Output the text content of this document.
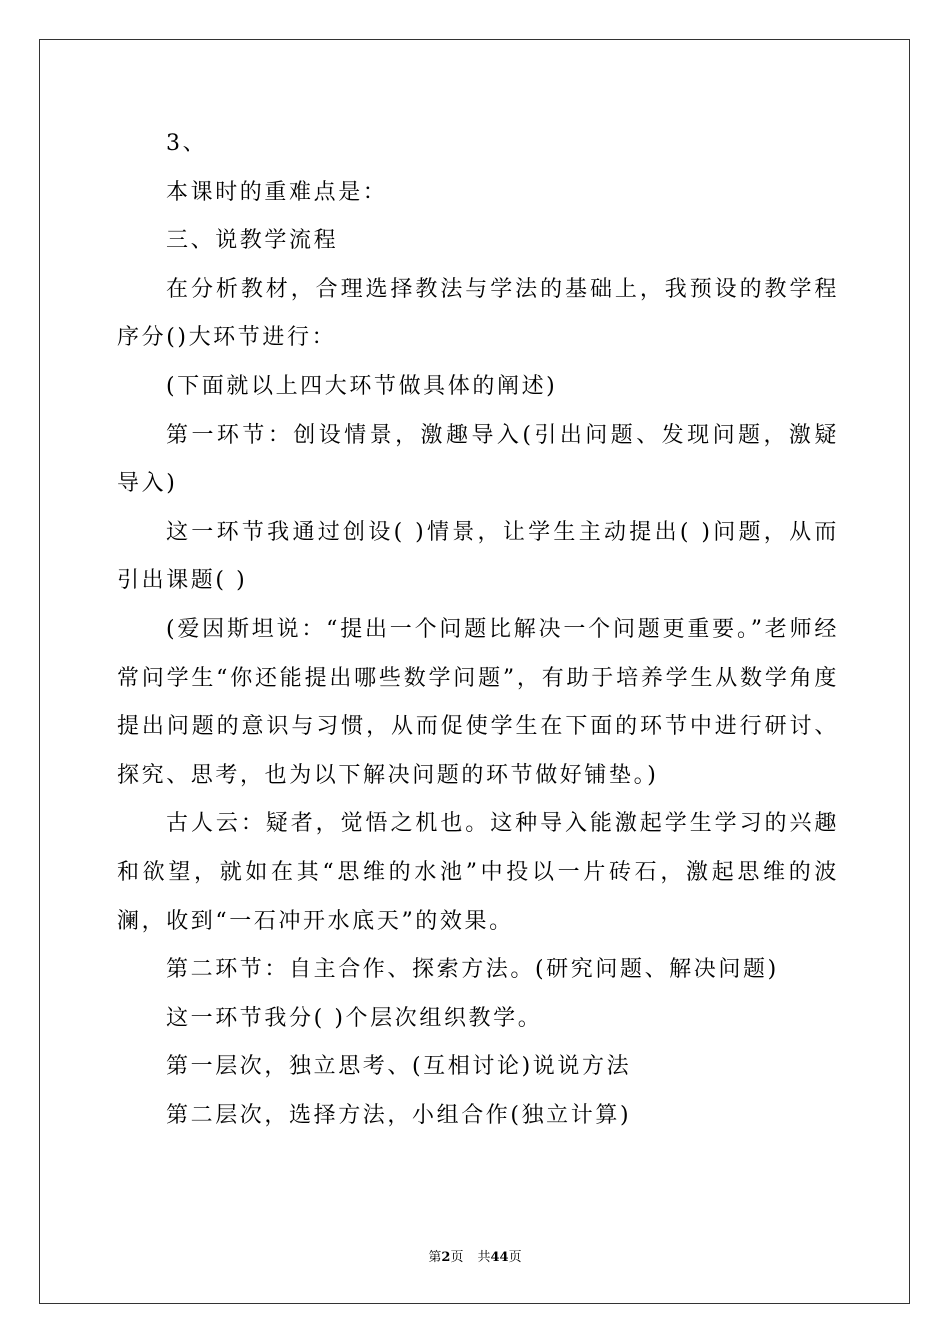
3、

本课时的重难点是：

三、说教学流程

在分析教材，合理选择教法与学法的基础上，我预设的教学程序分()大环节进行：

(下面就以上四大环节做具体的阐述)

第一环节：创设情景，激趣导入(引出问题、发现问题，激疑导入)

这一环节我通过创设( )情景，让学生主动提出( )问题，从而引出课题( )

(爱因斯坦说：“提出一个问题比解决一个问题更重要。”老师经常问学生“你还能提出哪些数学问题”，有助于培养学生从数学角度提出问题的意识与习惯，从而促使学生在下面的环节中进行研讨、探究、思考，也为以下解决问题的环节做好铺垫。)

古人云：疑者，觉悟之机也。这种导入能激起学生学习的兴趣和欲望，就如在其“思维的水池”中投以一片砖石，激起思维的波澜，收到“一石冲开水底天”的效果。

第二环节：自主合作、探索方法。(研究问题、解决问题)

这一环节我分( )个层次组织教学。

第一层次，独立思考、(互相讨论)说说方法

第二层次，选择方法，小组合作(独立计算)

第2页 共44页
